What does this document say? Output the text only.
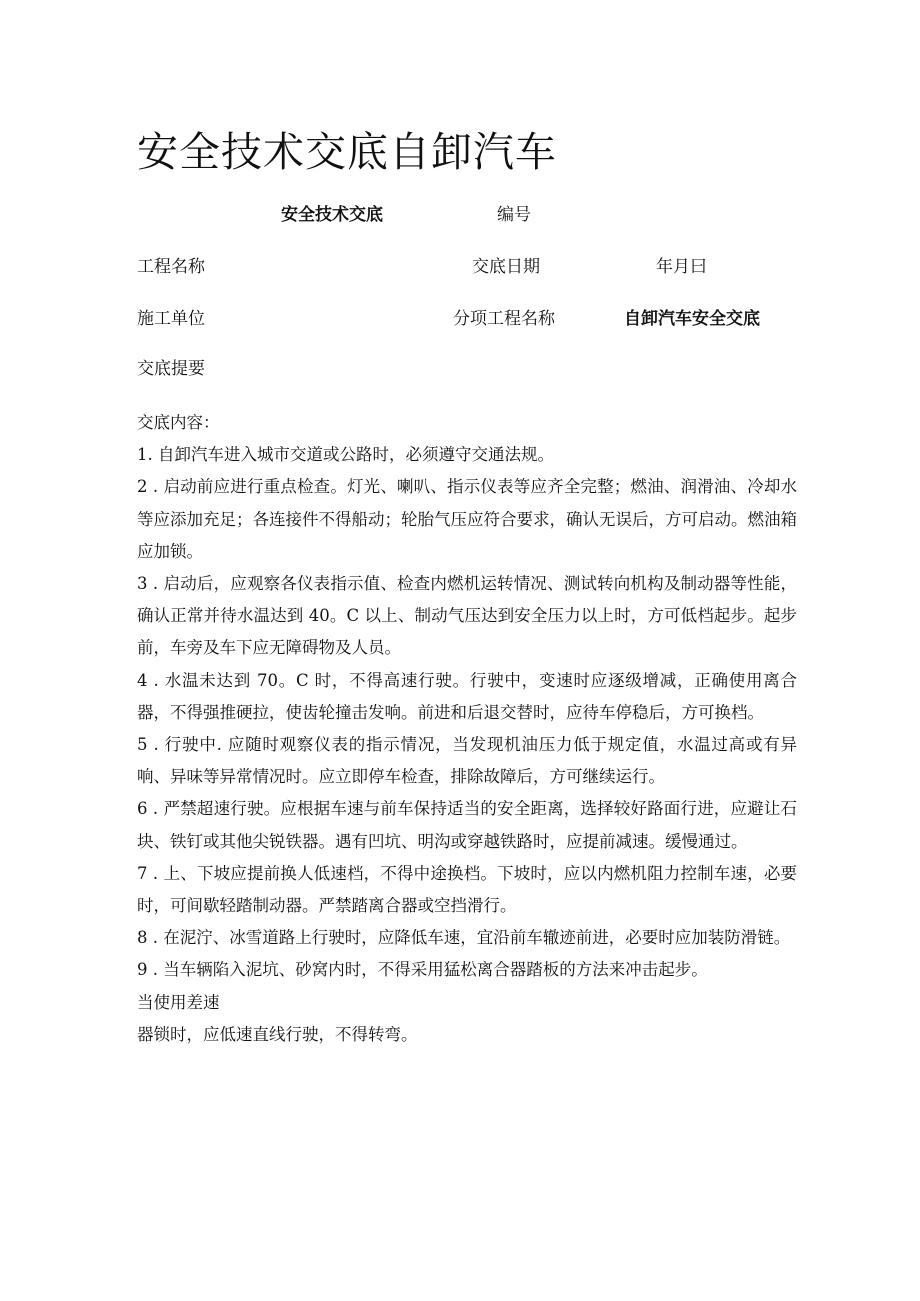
安全技术交底自卸汽车
安全技术交底	编号
工程名称	交底日期	年月曰
施工单位	分项工程名称	自卸汽车安全交底
交底提要

交底内容：

1. 自卸汽车进入城市交道或公路时，必须遵守交通法规。

2 . 启动前应进行重点检查。灯光、喇叭、指示仪表等应齐全完整；燃油、润滑油、冷却水等应添加充足；各连接件不得船动；轮胎气压应符合要求，确认无误后，方可启动。燃油箱应加锁。

3 . 启动后，应观察各仪表指示值、检查内燃机运转情况、测试转向机构及制动器等性能，确认正常并待水温达到 40。C 以上、制动气压达到安全压力以上时，方可低档起步。起步前，车旁及车下应无障碍物及人员。

4 . 水温未达到 70。C 时，不得高速行驶。行驶中，变速时应逐级增减，正确使用离合器，不得强推硬拉，使齿轮撞击发响。前进和后退交替时，应待车停稳后，方可换档。

5 . 行驶中. 应随时观察仪表的指示情况，当发现机油压力低于规定值，水温过高或有异响、异味等异常情况时。应立即停车检查，排除故障后，方可继续运行。

6 . 严禁超速行驶。应根据车速与前车保持适当的安全距离，选择较好路面行进，应避让石块、铁钉或其他尖锐铁器。遇有凹坑、明沟或穿越铁路时，应提前减速。缓慢通过。

7 . 上、下坡应提前换人低速档，不得中途换档。下坡时，应以内燃机阻力控制车速，必要时，可间歇轻踏制动器。严禁踏离合器或空挡滑行。

8 . 在泥泞、冰雪道路上行驶时，应降低车速，宜沿前车辙迹前进，必要时应加装防滑链。

9 . 当车辆陷入泥坑、砂窝内时，不得采用猛松离合器踏板的方法来冲击起步。

当使用差速

器锁时，应低速直线行驶，不得转弯。
